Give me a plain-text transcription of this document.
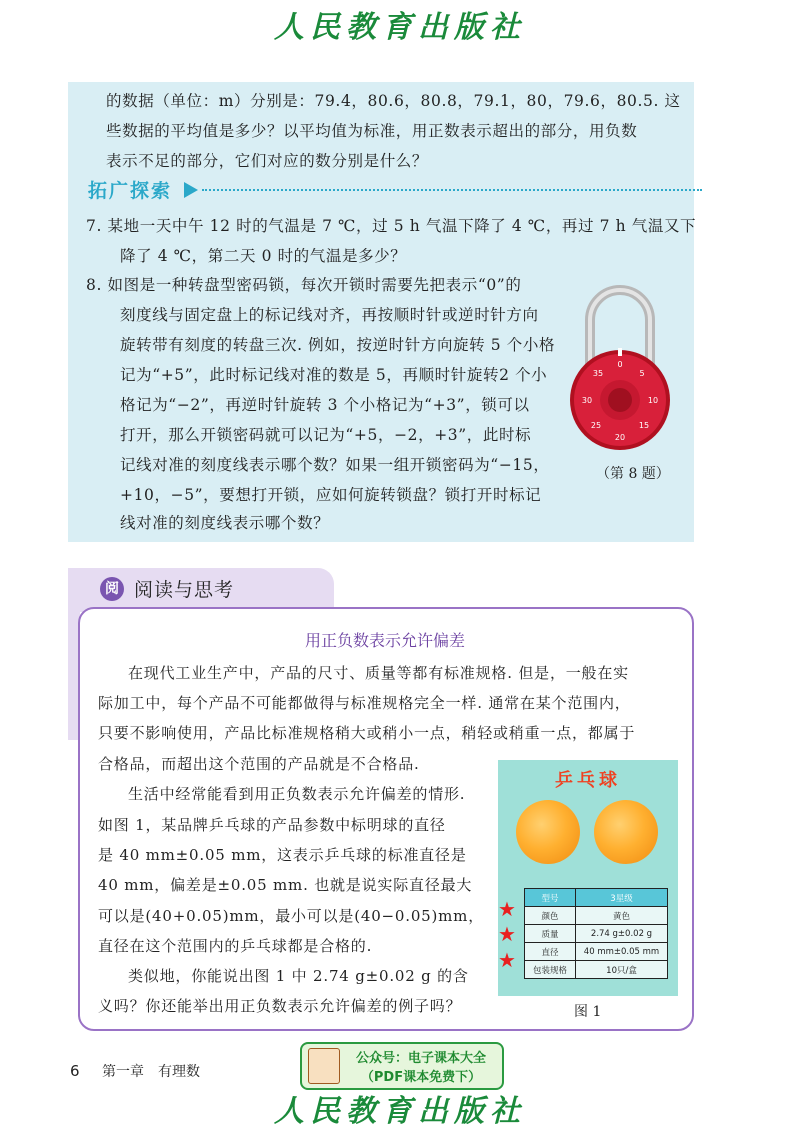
人民教育出版社
的数据（单位：m）分别是：79.4，80.6，80.8，79.1，80，79.6，80.5. 这
些数据的平均值是多少？以平均值为标准，用正数表示超出的部分，用负数
表示不足的部分，它们对应的数分别是什么？
拓广探索
7. 某地一天中午 12 时的气温是 7 ℃，过 5 h 气温下降了 4 ℃，再过 7 h 气温又下
降了 4 ℃，第二天 0 时的气温是多少？
8. 如图是一种转盘型密码锁，每次开锁时需要先把表示“0”的
刻度线与固定盘上的标记线对齐，再按顺时针或逆时针方向
旋转带有刻度的转盘三次. 例如，按逆时针方向旋转 5 个小格
记为“+5”，此时标记线对准的数是 5，再顺时针旋转2 个小
格记为“−2”，再逆时针旋转 3 个小格记为“+3”，锁可以
打开，那么开锁密码就可以记为“+5，−2，+3”，此时标
记线对准的刻度线表示哪个数？如果一组开锁密码为“−15，
+10，−5”，要想打开锁，应如何旋转锁盘？锁打开时标记
线对准的刻度线表示哪个数？
0
5
10
15
20
25
30
35
（第 8 题）
阅 阅读与思考
用正负数表示允许偏差
在现代工业生产中，产品的尺寸、质量等都有标准规格. 但是，一般在实
际加工中，每个产品不可能都做得与标准规格完全一样. 通常在某个范围内，
只要不影响使用，产品比标准规格稍大或稍小一点，稍轻或稍重一点，都属于
合格品，而超出这个范围的产品就是不合格品.
生活中经常能看到用正负数表示允许偏差的情形.
如图 1，某品牌乒乓球的产品参数中标明球的直径
是 40 mm±0.05 mm，这表示乒乓球的标准直径是
40 mm，偏差是±0.05 mm. 也就是说实际直径最大
可以是(40+0.05)mm，最小可以是(40−0.05)mm，
直径在这个范围内的乒乓球都是合格的.
类似地，你能说出图 1 中 2.74 g±0.02 g 的含
义吗？你还能举出用正负数表示允许偏差的例子吗？
乒乓球
★
★
★
型号	3星级
颜色	黄色
质量	2.74 g±0.02 g
直径	40 mm±0.05 mm
包装规格	10只/盒
图 1
6 第一章　有理数
公众号：电子课本大全
（PDF课本免费下）
人民教育出版社
